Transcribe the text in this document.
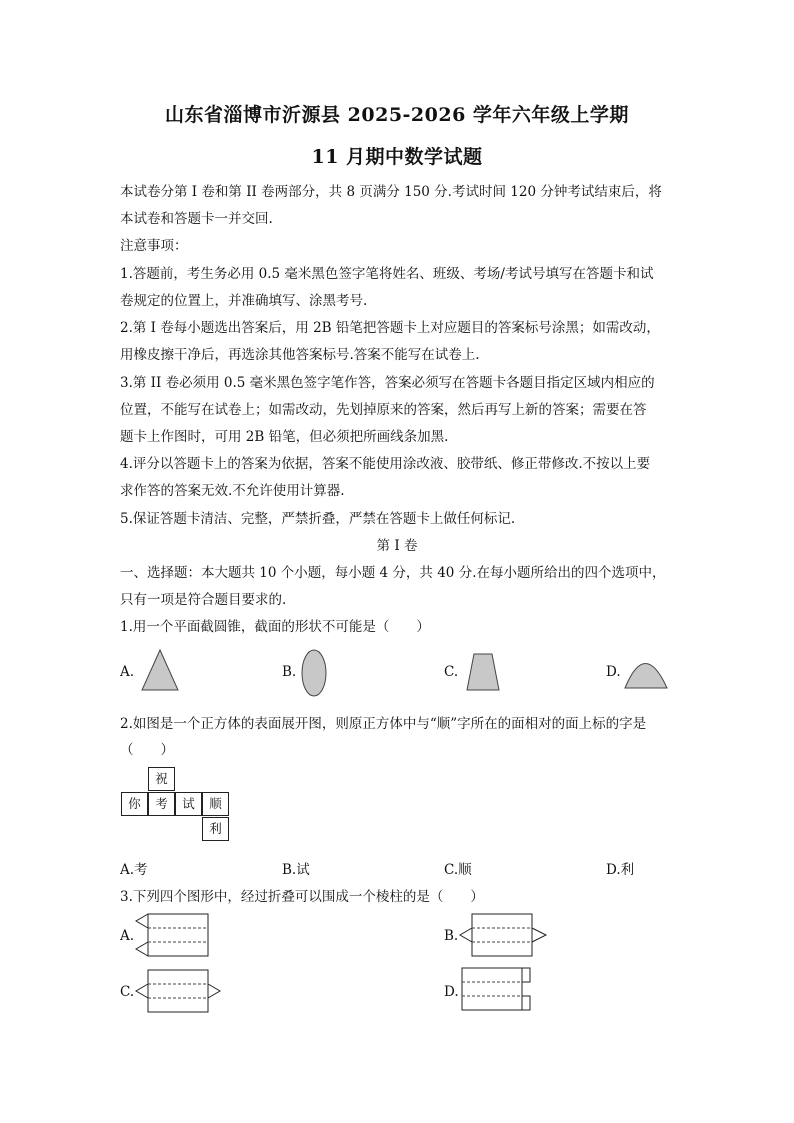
山东省淄博市沂源县 2025-2026 学年六年级上学期
11 月期中数学试题
本试卷分第 I 卷和第 II 卷两部分，共 8 页满分 150 分.考试时间 120 分钟考试结束后，将
本试卷和答题卡一并交回.
注意事项：
1.答题前，考生务必用 0.5 毫米黑色签字笔将姓名、班级、考场/考试号填写在答题卡和试
卷规定的位置上，并准确填写、涂黑考号.
2.第 I 卷每小题选出答案后，用 2B 铅笔把答题卡上对应题目的答案标号涂黑；如需改动，
用橡皮擦干净后，再选涂其他答案标号.答案不能写在试卷上.
3.第 II 卷必须用 0.5 毫米黑色签字笔作答，答案必须写在答题卡各题目指定区域内相应的
位置，不能写在试卷上；如需改动，先划掉原来的答案，然后再写上新的答案；需要在答
题卡上作图时，可用 2B 铅笔，但必须把所画线条加黑.
4.评分以答题卡上的答案为依据，答案不能使用涂改液、胶带纸、修正带修改.不按以上要
求作答的答案无效.不允许使用计算器.
5.保证答题卡清洁、完整，严禁折叠，严禁在答题卡上做任何标记.
第 I 卷
一、选择题：本大题共 10 个小题，每小题 4 分，共 40 分.在每小题所给出的四个选项中，
只有一项是符合题目要求的.
1.用一个平面截圆锥，截面的形状不可能是（　　）
A.	B.	C.	D.
2.如图是一个正方体的表面展开图，则原正方体中与“顺”字所在的面相对的面上标的字是
（　　）
祝
你	考	试	顺
利
A.考	B.试	C.顺	D.利
3.下列四个图形中，经过折叠可以围成一个棱柱的是（　　）
A.	B.
C.	D.
